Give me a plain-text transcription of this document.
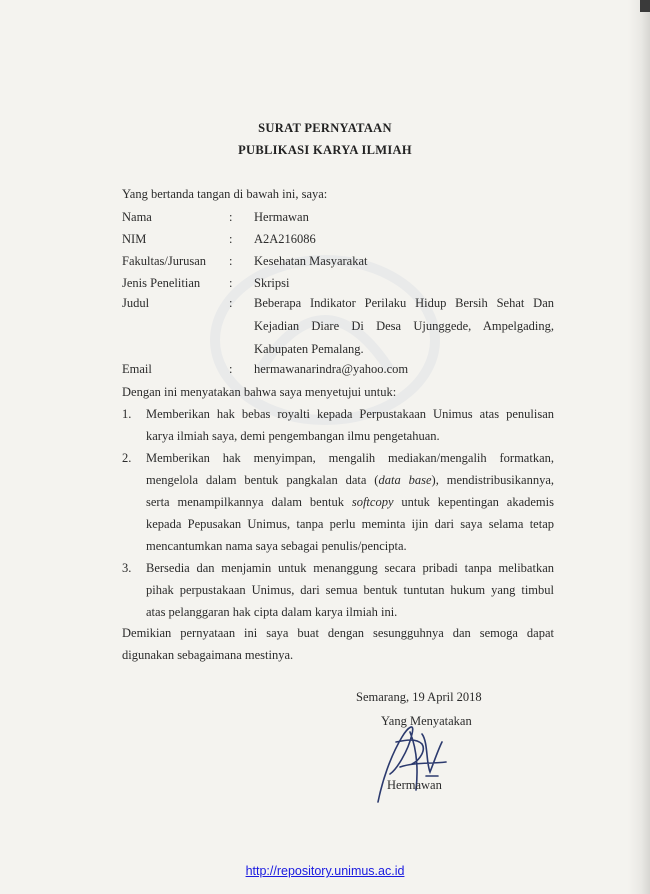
SURAT PERNYATAAN
PUBLIKASI KARYA ILMIAH
Yang bertanda tangan di bawah ini, saya:
Nama	: Hermawan
NIM	: A2A216086
Fakultas/Jurusan : Kesehatan Masyarakat
Jenis Penelitian : Skripsi
Judul	: Beberapa Indikator Perilaku Hidup Bersih Sehat Dan
Kejadian Diare Di Desa Ujunggede, Ampelgading,
Kabupaten Pemalang.
Email	: hermawanarindra@yahoo.com
Dengan ini menyatakan bahwa saya menyetujui untuk:
1. Memberikan hak bebas royalti kepada Perpustakaan Unimus atas penulisan
karya ilmiah saya, demi pengembangan ilmu pengetahuan.
2. Memberikan hak menyimpan, mengalih mediakan/mengalih formatkan,
mengelola dalam bentuk pangkalan data (data base), mendistribusikannya,
serta menampilkannya dalam bentuk softcopy untuk kepentingan akademis
kepada Pepusakan Unimus, tanpa perlu meminta ijin dari saya selama tetap
mencantumkan nama saya sebagai penulis/pencipta.
3. Bersedia dan menjamin untuk menanggung secara pribadi tanpa melibatkan
pihak perpustakaan Unimus, dari semua bentuk tuntutan hukum yang timbul
atas pelanggaran hak cipta dalam karya ilmiah ini.
Demikian pernyataan ini saya buat dengan sesungguhnya dan semoga dapat
digunakan sebagaimana mestinya.
Semarang, 19 April 2018
Yang Menyatakan
Hermawan
http://repository.unimus.ac.id
